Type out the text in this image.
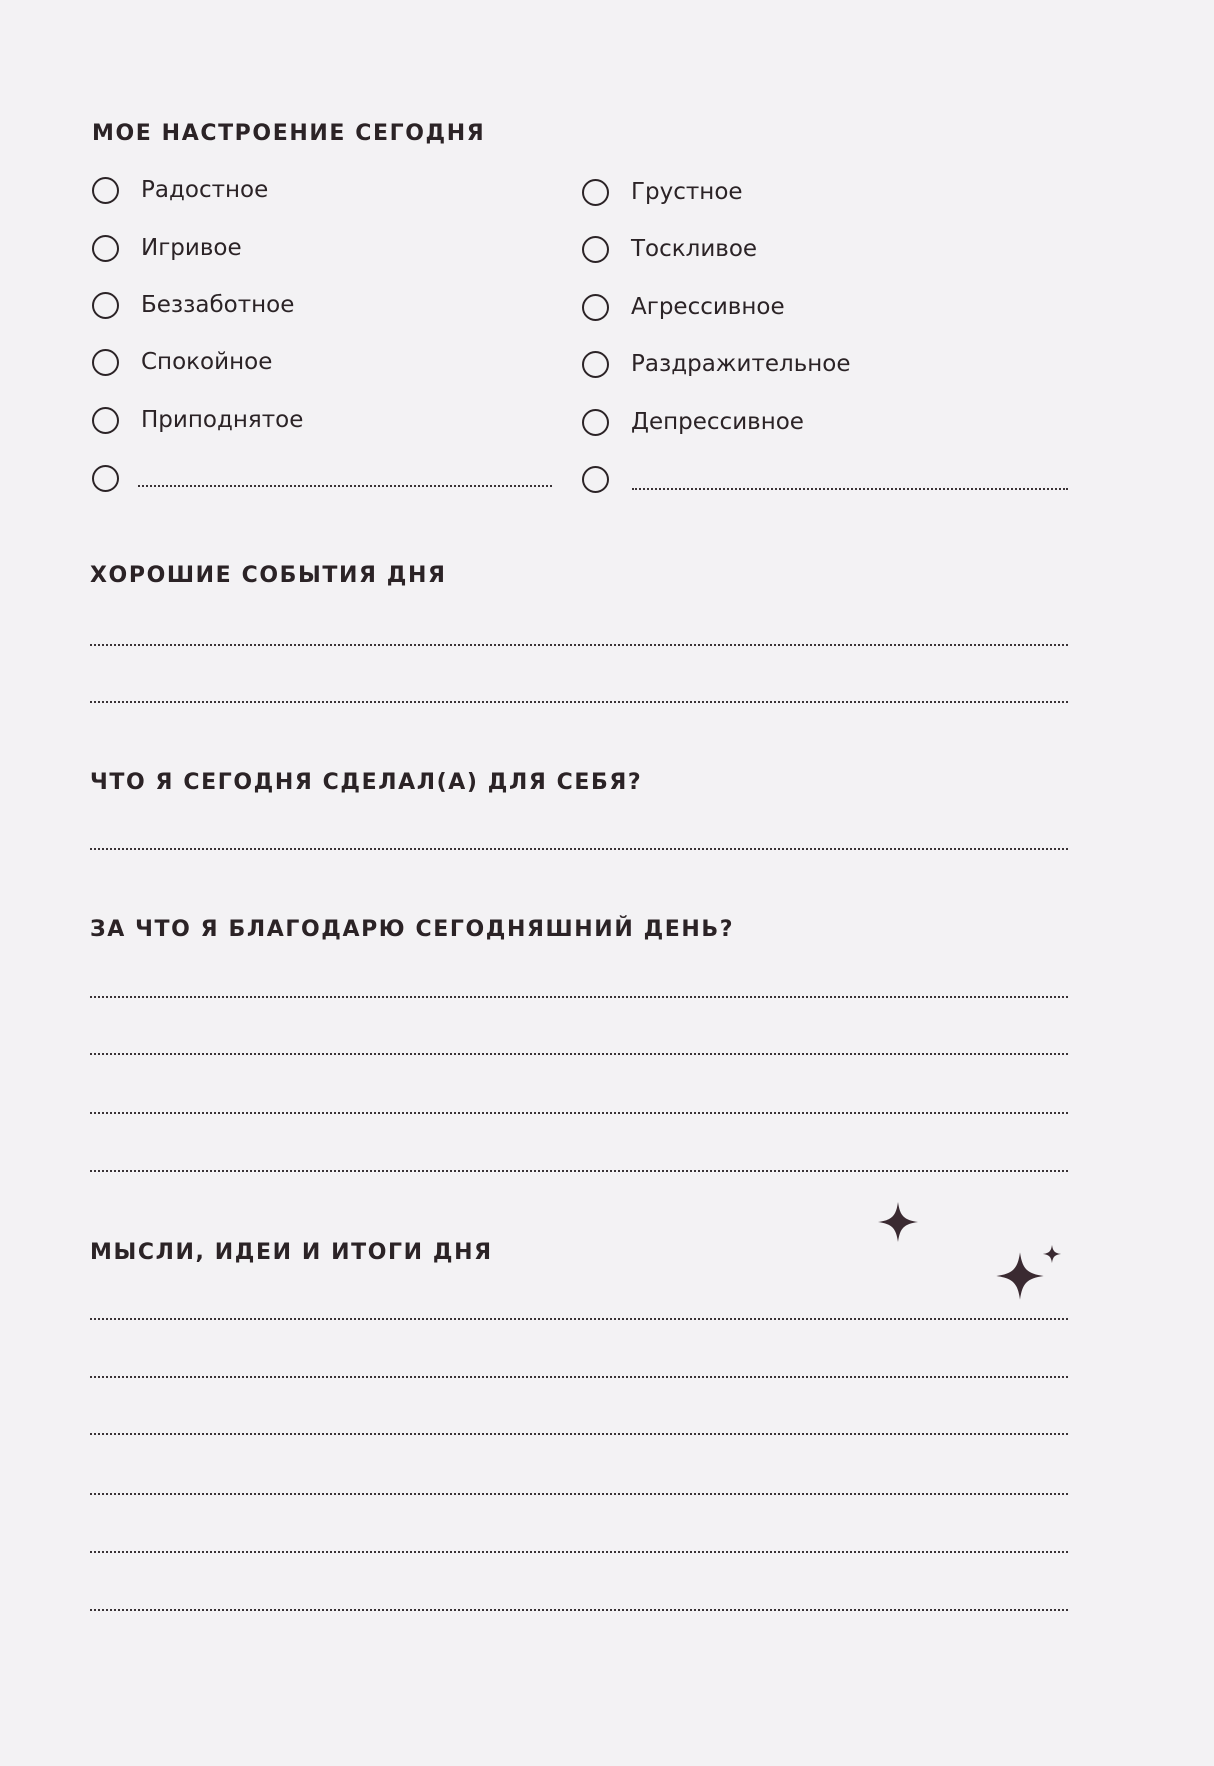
МОЕ НАСТРОЕНИЕ СЕГОДНЯ
Радостное
Игривое
Беззаботное
Спокойное
Приподнятое
Грустное
Тоскливое
Агрессивное
Раздражительное
Депрессивное
ХОРОШИЕ СОБЫТИЯ ДНЯ
ЧТО Я СЕГОДНЯ СДЕЛАЛ(А) ДЛЯ СЕБЯ?
ЗА ЧТО Я БЛАГОДАРЮ СЕГОДНЯШНИЙ ДЕНЬ?
МЫСЛИ, ИДЕИ И ИТОГИ ДНЯ
